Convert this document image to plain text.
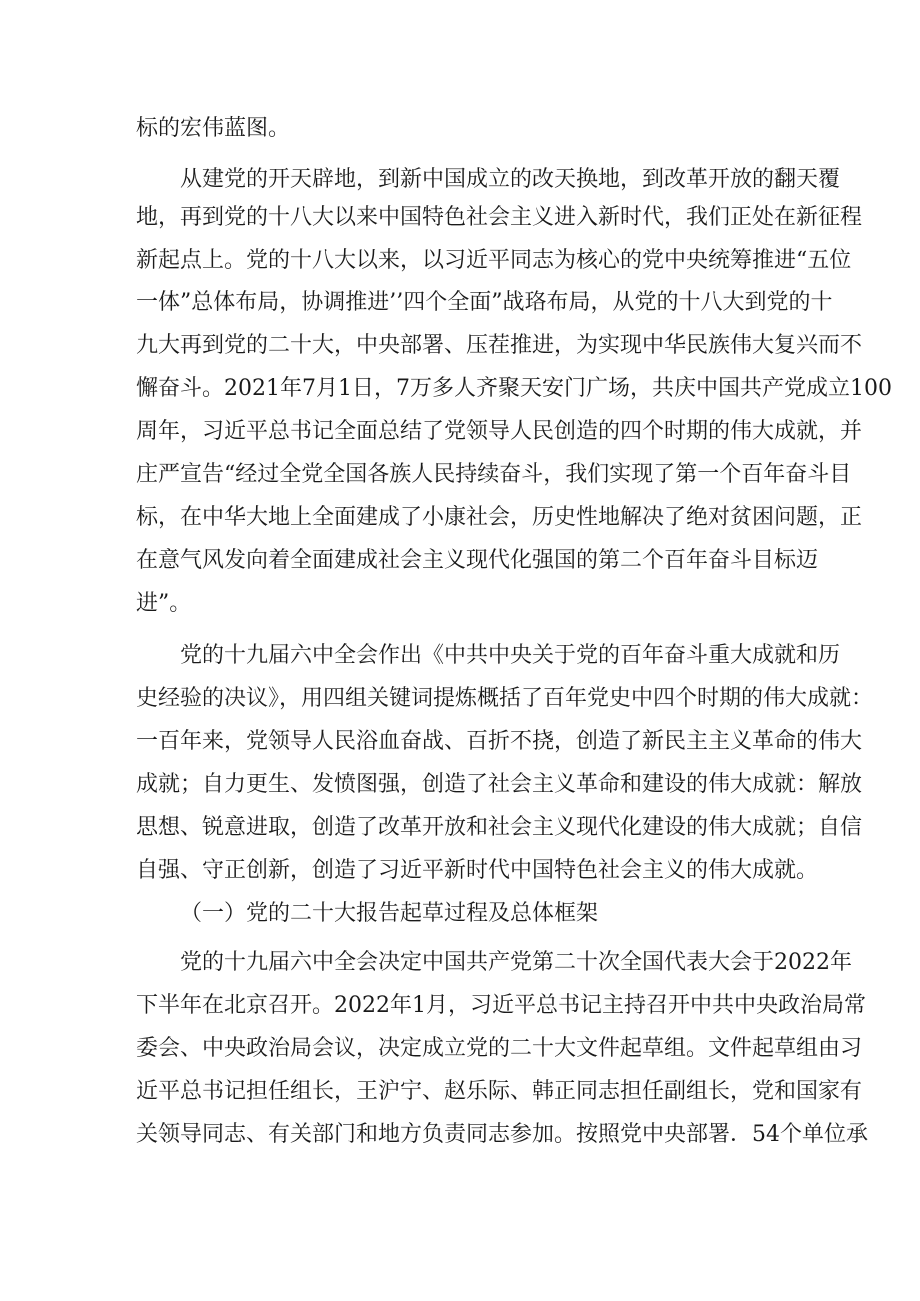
标的宏伟蓝图。
从建党的开天辟地，到新中国成立的改天换地，到改革开放的翻天覆
地，再到党的十八大以来中国特色社会主义进入新时代，我们正处在新征程
新起点上。党的十八大以来，以习近平同志为核心的党中央统筹推进“五位
一体”总体布局，协调推进’’四个全面”战珞布局，从党的十八大到党的十
九大再到党的二十大，中央部署、压茬推进，为实现中华民族伟大复兴而不
懈奋斗。2021年7月1日，7万多人齐聚天安门广场，共庆中国共产党成立100
周年，习近平总书记全面总结了党领导人民创造的四个时期的伟大成就，并
庄严宣告“经过全党全国各族人民持续奋斗，我们实现了第一个百年奋斗目
标，在中华大地上全面建成了小康社会，历史性地解决了绝对贫困问题，正
在意气风发向着全面建成社会主义现代化强国的第二个百年奋斗目标迈
进”。
党的十九届六中全会作出《中共中央关于党的百年奋斗重大成就和历
史经验的决议》，用四组关键词提炼概括了百年党史中四个时期的伟大成就：
一百年来，党领导人民浴血奋战、百折不挠，创造了新民主主义革命的伟大
成就；自力更生、发愤图强，创造了社会主义革命和建设的伟大成就：解放
思想、锐意进取，创造了改革开放和社会主义现代化建设的伟大成就；自信
自强、守正创新，创造了习近平新时代中国特色社会主义的伟大成就。
（一）党的二十大报告起草过程及总体框架
党的十九届六中全会决定中国共产党第二十次全国代表大会于2022年
下半年在北京召开。2022年1月，习近平总书记主持召开中共中央政治局常
委会、中央政治局会议，决定成立党的二十大文件起草组。文件起草组由习
近平总书记担任组长，王沪宁、赵乐际、韩正同志担任副组长，党和国家有
关领导同志、有关部门和地方负责同志参加。按照党中央部署．54个单位承
